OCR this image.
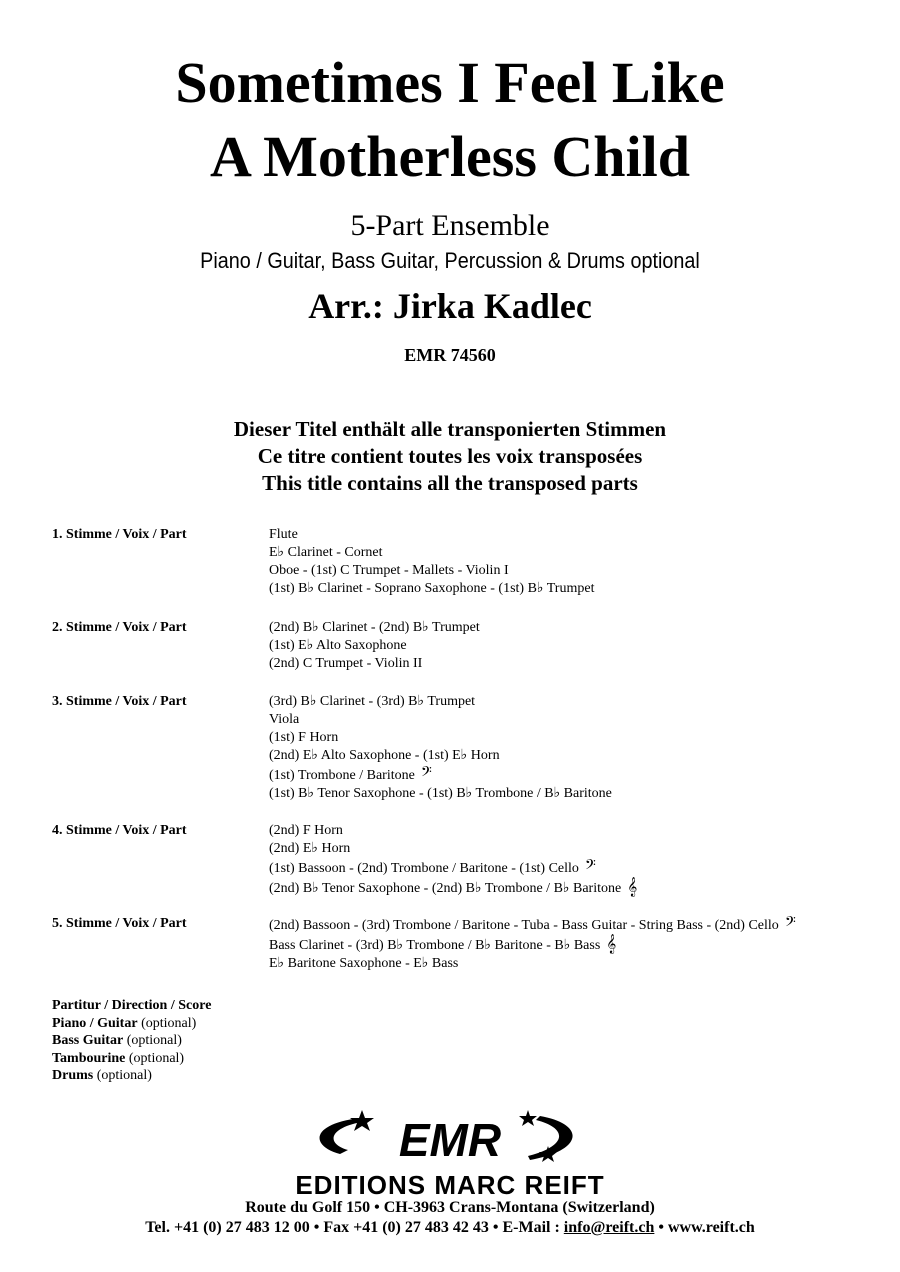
Sometimes I Feel Like
A Motherless Child
5-Part Ensemble
Piano / Guitar, Bass Guitar, Percussion & Drums optional
Arr.: Jirka Kadlec
EMR 74560
Dieser Titel enthält alle transponierten Stimmen
Ce titre contient toutes les voix transposées
This title contains all the transposed parts
1. Stimme / Voix / Part	Flute
E♭ Clarinet - Cornet
Oboe - (1st) C Trumpet - Mallets - Violin I
(1st) B♭ Clarinet - Soprano Saxophone - (1st) B♭ Trumpet
2. Stimme / Voix / Part	(2nd) B♭ Clarinet - (2nd) B♭ Trumpet
(1st) E♭ Alto Saxophone
(2nd) C Trumpet - Violin II
3. Stimme / Voix / Part	(3rd) B♭ Clarinet - (3rd) B♭ Trumpet
Viola
(1st) F Horn
(2nd) E♭ Alto Saxophone - (1st) E♭ Horn
(1st) Trombone / Baritone 𝄢
(1st) B♭ Tenor Saxophone - (1st) B♭ Trombone / B♭ Baritone
4. Stimme / Voix / Part	(2nd) F Horn
(2nd) E♭ Horn
(1st) Bassoon - (2nd) Trombone / Baritone - (1st) Cello 𝄢
(2nd) B♭ Tenor Saxophone - (2nd) B♭ Trombone / B♭ Baritone 𝄞
5. Stimme / Voix / Part	(2nd) Bassoon - (3rd) Trombone / Baritone - Tuba - Bass Guitar - String Bass - (2nd) Cello 𝄢
Bass Clarinet - (3rd) B♭ Trombone / B♭ Baritone - B♭ Bass 𝄞
E♭ Baritone Saxophone - E♭ Bass
Partitur / Direction / Score
Piano / Guitar (optional)
Bass Guitar (optional)
Tambourine (optional)
Drums (optional)
EMR
EDITIONS MARC REIFT
Route du Golf 150 • CH-3963 Crans-Montana (Switzerland)
Tel. +41 (0) 27 483 12 00 • Fax +41 (0) 27 483 42 43 • E-Mail : info@reift.ch • www.reift.ch
